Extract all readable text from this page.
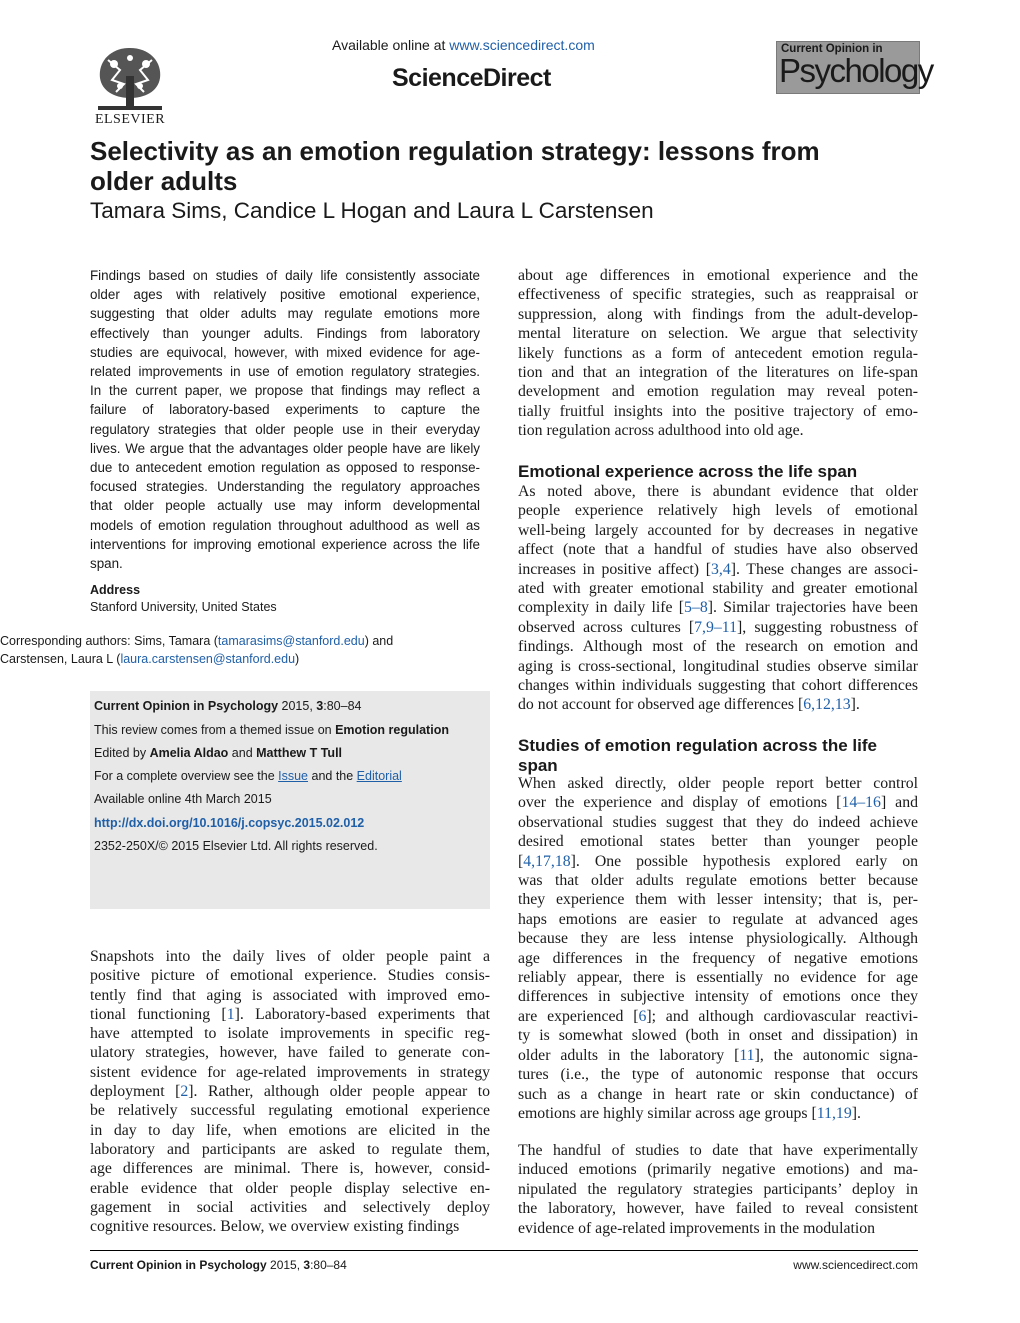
ELSEVIER
Available online at www.sciencedirect.com
ScienceDirect
Current Opinion in
Psychology
Selectivity as an emotion regulation strategy: lessons from
older adults
Tamara Sims, Candice L Hogan and Laura L Carstensen
Findings based on studies of daily life consistently associate
older ages with relatively positive emotional experience,
suggesting that older adults may regulate emotions more
effectively than younger adults. Findings from laboratory
studies are equivocal, however, with mixed evidence for age-
related improvements in use of emotion regulatory strategies.
In the current paper, we propose that findings may reflect a
failure of laboratory-based experiments to capture the
regulatory strategies that older people use in their everyday
lives. We argue that the advantages older people have are likely
due to antecedent emotion regulation as opposed to response-
focused strategies. Understanding the regulatory approaches
that older people actually use may inform developmental
models of emotion regulation throughout adulthood as well as
interventions for improving emotional experience across the life
span.
Address
Stanford University, United States
Corresponding authors: Sims, Tamara (tamarasims@stanford.edu) and
Carstensen, Laura L (laura.carstensen@stanford.edu)
Current Opinion in Psychology 2015, 3:80–84
This review comes from a themed issue on Emotion regulation
Edited by Amelia Aldao and Matthew T Tull
For a complete overview see the Issue and the Editorial
Available online 4th March 2015
http://dx.doi.org/10.1016/j.copsyc.2015.02.012
2352-250X/© 2015 Elsevier Ltd. All rights reserved.
Snapshots into the daily lives of older people paint a
positive picture of emotional experience. Studies consis-
tently find that aging is associated with improved emo-
tional functioning [1]. Laboratory-based experiments that
have attempted to isolate improvements in specific reg-
ulatory strategies, however, have failed to generate con-
sistent evidence for age-related improvements in strategy
deployment [2]. Rather, although older people appear to
be relatively successful regulating emotional experience
in day to day life, when emotions are elicited in the
laboratory and participants are asked to regulate them,
age differences are minimal. There is, however, consid-
erable evidence that older people display selective en-
gagement in social activities and selectively deploy
cognitive resources. Below, we overview existing findings
about age differences in emotional experience and the
effectiveness of specific strategies, such as reappraisal or
suppression, along with findings from the adult-develop-
mental literature on selection. We argue that selectivity
likely functions as a form of antecedent emotion regula-
tion and that an integration of the literatures on life-span
development and emotion regulation may reveal poten-
tially fruitful insights into the positive trajectory of emo-
tion regulation across adulthood into old age.
Emotional experience across the life span
As noted above, there is abundant evidence that older
people experience relatively high levels of emotional
well-being largely accounted for by decreases in negative
affect (note that a handful of studies have also observed
increases in positive affect) [3,4]. These changes are associ-
ated with greater emotional stability and greater emotional
complexity in daily life [5–8]. Similar trajectories have been
observed across cultures [7,9–11], suggesting robustness of
findings. Although most of the research on emotion and
aging is cross-sectional, longitudinal studies observe similar
changes within individuals suggesting that cohort differences
do not account for observed age differences [6,12,13].
Studies of emotion regulation across the life
span
When asked directly, older people report better control
over the experience and display of emotions [14–16] and
observational studies suggest that they do indeed achieve
desired emotional states better than younger people
[4,17,18]. One possible hypothesis explored early on
was that older adults regulate emotions better because
they experience them with lesser intensity; that is, per-
haps emotions are easier to regulate at advanced ages
because they are less intense physiologically. Although
age differences in the frequency of negative emotions
reliably appear, there is essentially no evidence for age
differences in subjective intensity of emotions once they
are experienced [6]; and although cardiovascular reactivi-
ty is somewhat slowed (both in onset and dissipation) in
older adults in the laboratory [11], the autonomic signa-
tures (i.e., the type of autonomic response that occurs
such as a change in heart rate or skin conductance) of
emotions are highly similar across age groups [11,19].
The handful of studies to date that have experimentally
induced emotions (primarily negative emotions) and ma-
nipulated the regulatory strategies participants’ deploy in
the laboratory, however, have failed to reveal consistent
evidence of age-related improvements in the modulation
Current Opinion in Psychology 2015, 3:80–84	www.sciencedirect.com
